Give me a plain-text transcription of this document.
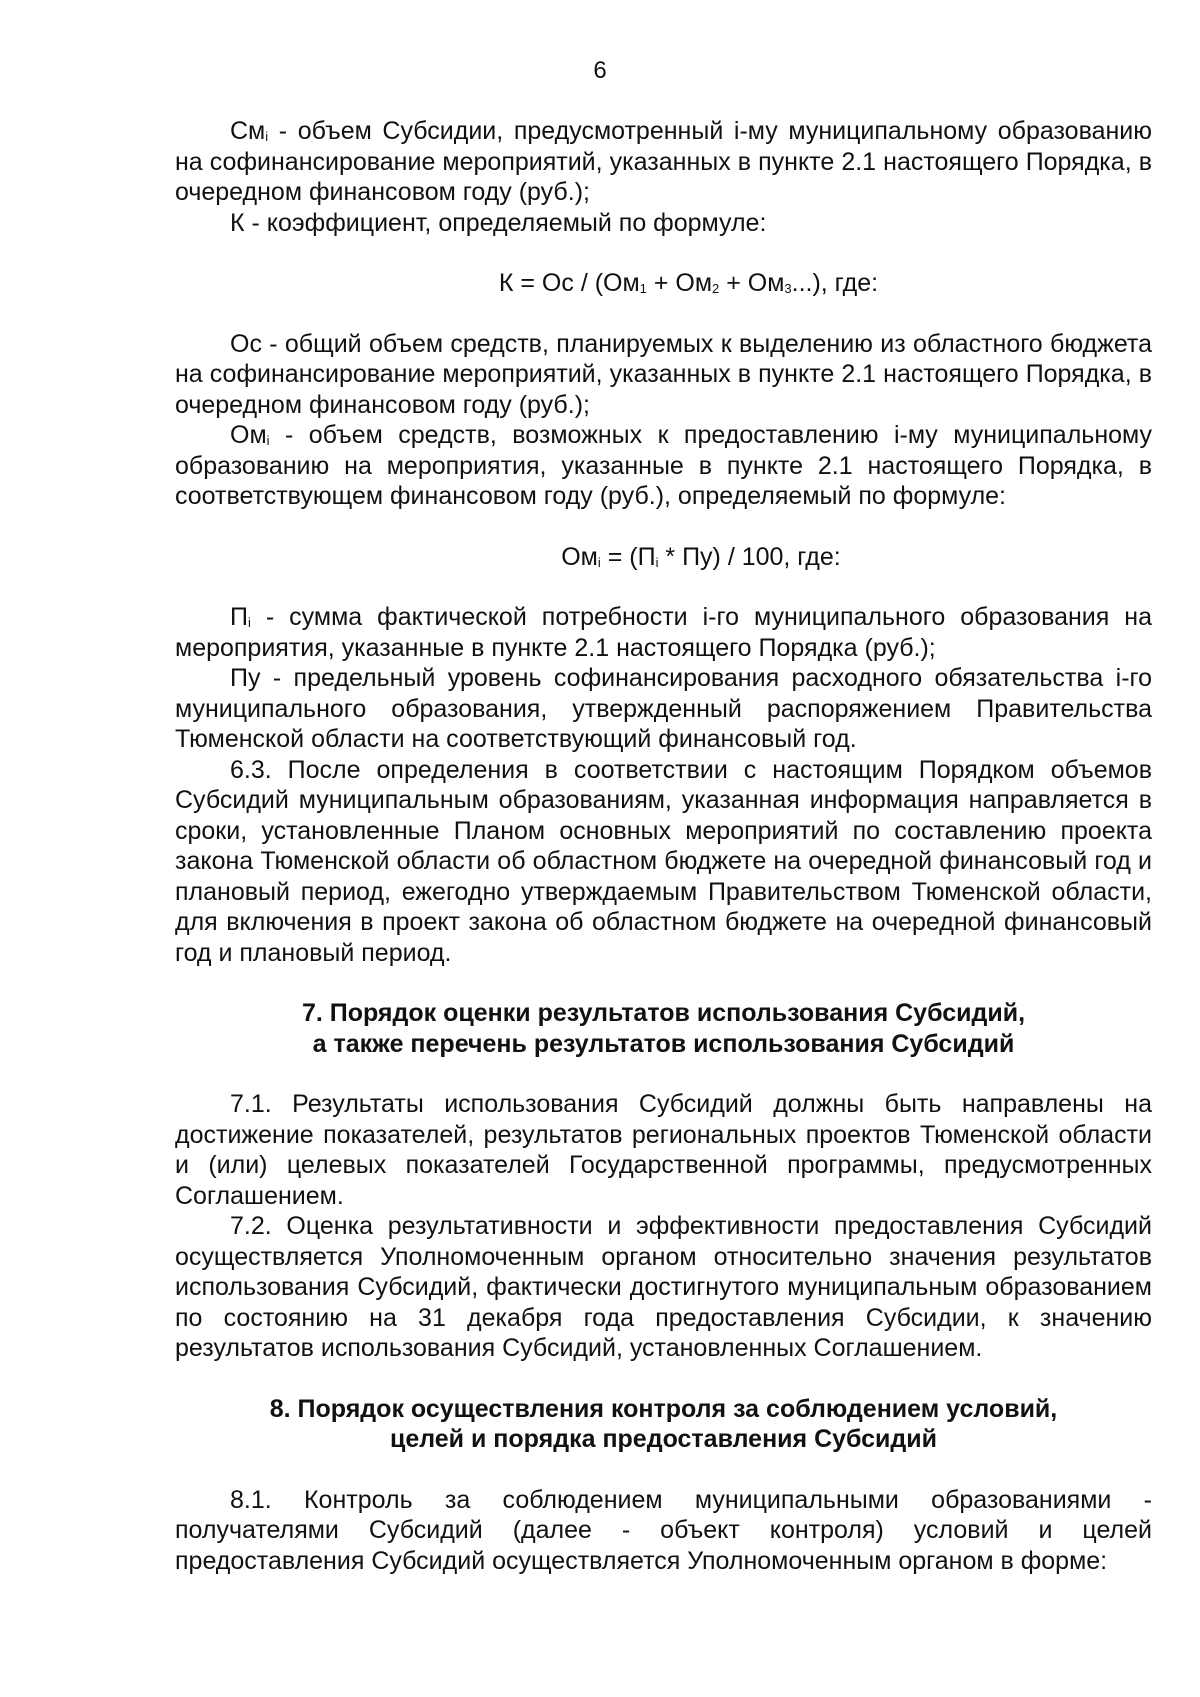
6

$См_i$ - объем Субсидии, предусмотренный i-му муниципальному образованию на софинансирование мероприятий, указанных в пункте 2.1 настоящего Порядка, в очередном финансовом году (руб.);

К - коэффициент, определяемый по формуле:

К = Ос / $(Ом_1 + Ом_2 + Ом_3...)$, где:

Ос - общий объем средств, планируемых к выделению из областного бюджета на софинансирование мероприятий, указанных в пункте 2.1 настоящего Порядка, в очередном финансовом году (руб.);

$Ом_i$ - объем средств, возможных к предоставлению i-му муниципальному образованию на мероприятия, указанные в пункте 2.1 настоящего Порядка, в соответствующем финансовом году (руб.), определяемый по формуле:

$Ом_i = (П_i * Пу) / 100$, где:

$П_i$ - сумма фактической потребности i-го муниципального образования на мероприятия, указанные в пункте 2.1 настоящего Порядка (руб.);

Пу - предельный уровень софинансирования расходного обязательства i-го муниципального образования, утвержденный распоряжением Правительства Тюменской области на соответствующий финансовый год.

6.3. После определения в соответствии с настоящим Порядком объемов Субсидий муниципальным образованиям, указанная информация направляется в сроки, установленные Планом основных мероприятий по составлению проекта закона Тюменской области об областном бюджете на очередной финансовый год и плановый период, ежегодно утверждаемым Правительством Тюменской области, для включения в проект закона об областном бюджете на очередной финансовый год и плановый период.

7. Порядок оценки результатов использования Субсидий,

а также перечень результатов использования Субсидий

7.1. Результаты использования Субсидий должны быть направлены на достижение показателей, результатов региональных проектов Тюменской области и (или) целевых показателей Государственной программы, предусмотренных Соглашением.

7.2. Оценка результативности и эффективности предоставления Субсидий осуществляется Уполномоченным органом относительно значения результатов использования Субсидий, фактически достигнутого муниципальным образованием по состоянию на 31 декабря года предоставления Субсидии, к значению результатов использования Субсидий, установленных Соглашением.

8. Порядок осуществления контроля за соблюдением условий,

целей и порядка предоставления Субсидий

8.1. Контроль за соблюдением муниципальными образованиями - получателями Субсидий (далее - объект контроля) условий и целей предоставления Субсидий осуществляется Уполномоченным органом в форме:
